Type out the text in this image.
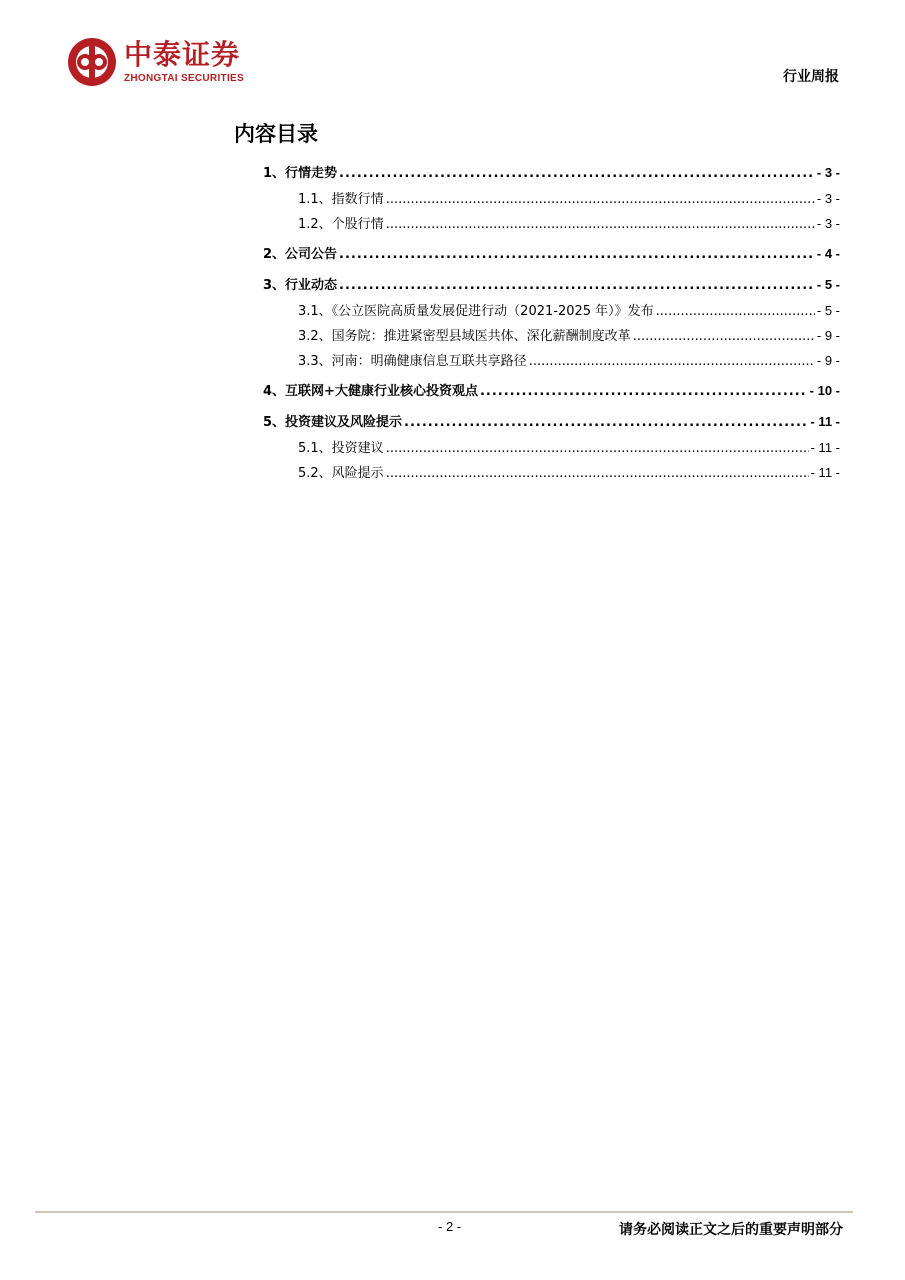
中泰证券
ZHONGTAI SECURITIES	行业周报
内容目录
1、行情走势 .....	- 3 -
1.1、指数行情 .....	- 3 -
1.2、个股行情 .....	- 3 -
2、公司公告 .....	- 4 -
3、行业动态 .....	- 5 -
3.1、《公立医院高质量发展促进行动（2021-2025 年）》发布 .....	- 5 -
3.2、国务院：推进紧密型县域医共体、深化薪酬制度改革 .....	- 9 -
3.3、河南：明确健康信息互联共享路径 .....	- 9 -
4、互联网+大健康行业核心投资观点 .....	- 10 -
5、投资建议及风险提示 .....	- 11 -
5.1、投资建议 .....	- 11 -
5.2、风险提示 .....	- 11 -
- 2 -	请务必阅读正文之后的重要声明部分
